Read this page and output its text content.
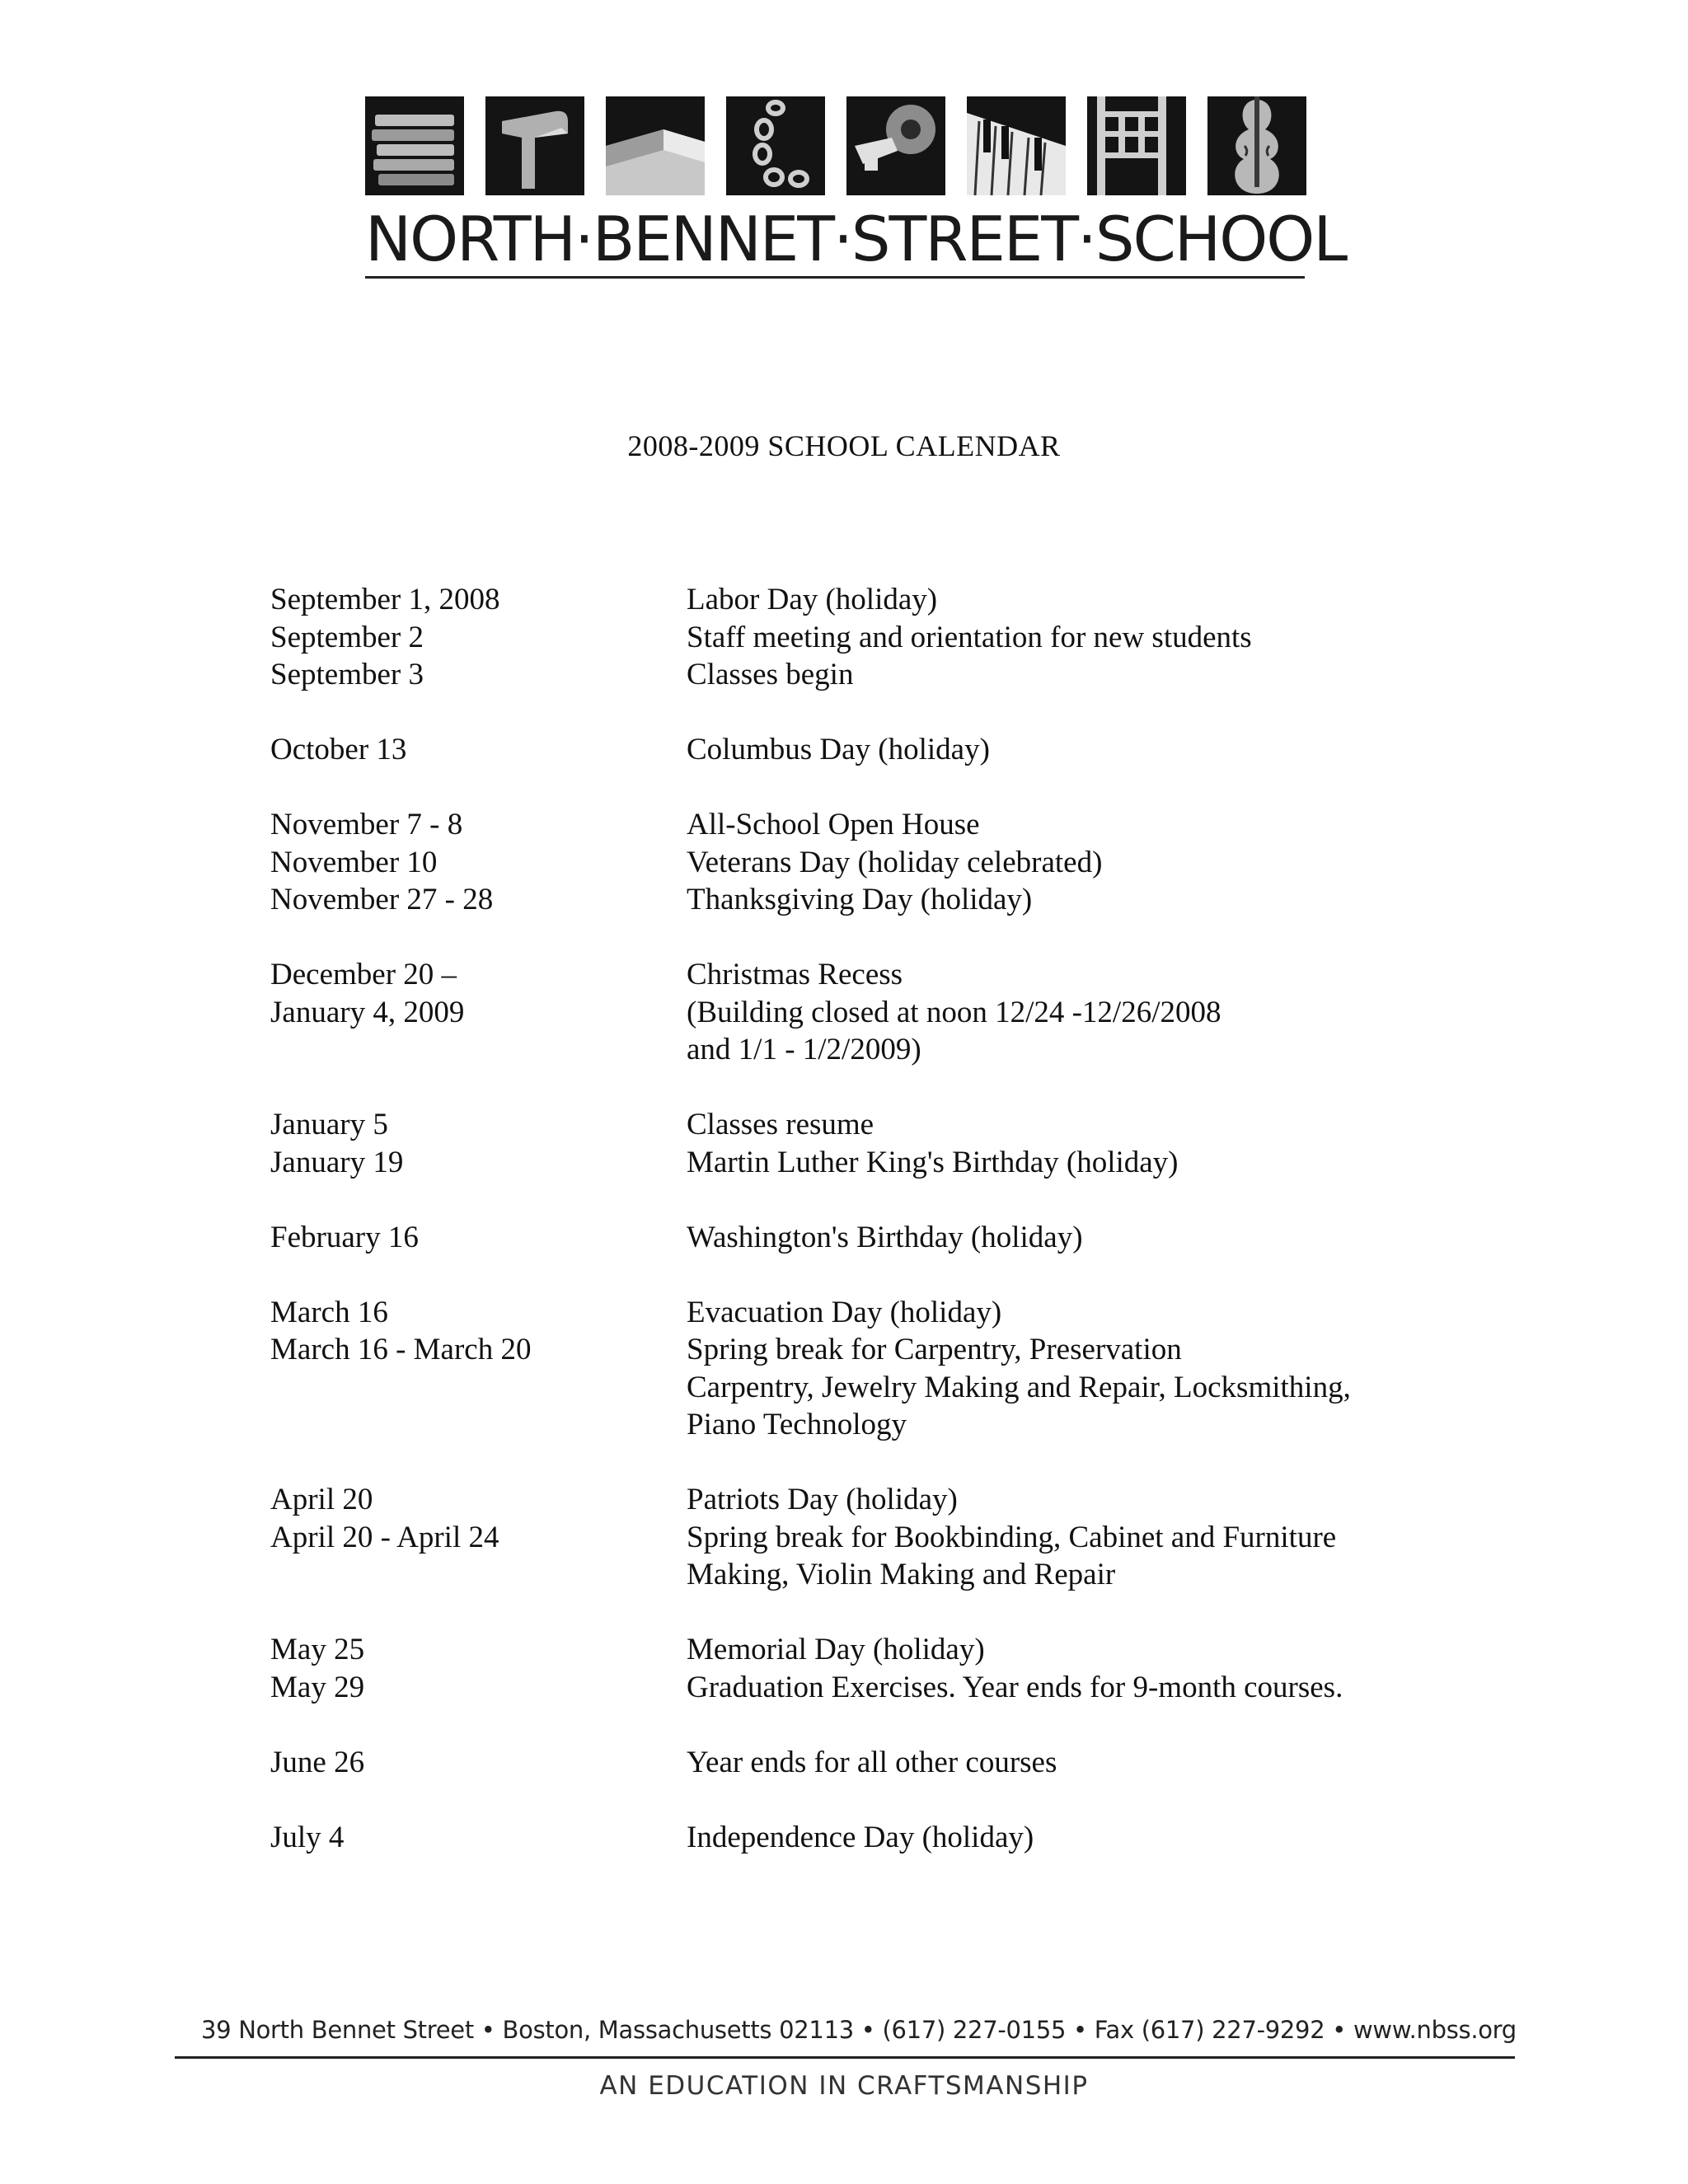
NORTH·BENNET·STREET·SCHOOL
2008-2009 SCHOOL CALENDAR
September 1, 2008	Labor Day (holiday)
September 2	Staff meeting and orientation for new students
September 3	Classes begin
October 13	Columbus Day (holiday)
November 7 - 8	All-School Open House
November 10	Veterans Day (holiday celebrated)
November 27 - 28	Thanksgiving Day (holiday)
December 20 –	Christmas Recess
January 4, 2009	(Building closed at noon 12/24 -12/26/2008
and 1/1 - 1/2/2009)
January 5	Classes resume
January 19	Martin Luther King's Birthday (holiday)
February 16	Washington's Birthday (holiday)
March 16	Evacuation Day (holiday)
March 16 - March 20	Spring break for Carpentry, Preservation
Carpentry, Jewelry Making and Repair, Locksmithing,
Piano Technology
April 20	Patriots Day (holiday)
April 20 - April 24	Spring break for Bookbinding, Cabinet and Furniture
Making, Violin Making and Repair
May 25	Memorial Day (holiday)
May 29	Graduation Exercises. Year ends for 9-month courses.
June 26	Year ends for all other courses
July 4	Independence Day (holiday)
39 North Bennet Street • Boston, Massachusetts 02113 • (617) 227-0155 • Fax (617) 227-9292 • www.nbss.org
AN EDUCATION IN CRAFTSMANSHIP
